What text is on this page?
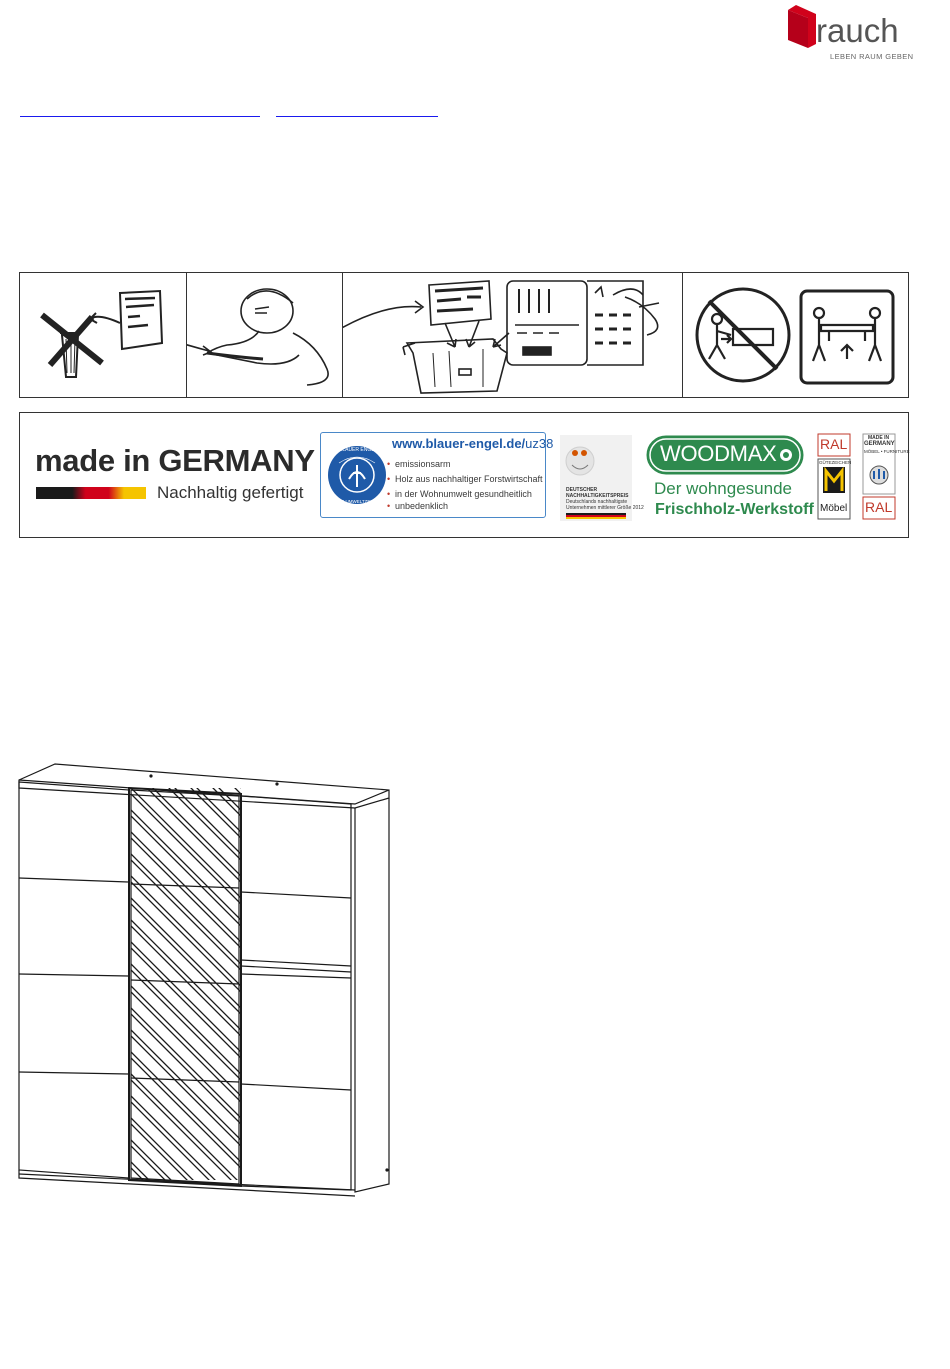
rauch
LEBEN RAUM GEBEN
made in GERMANY
Nachhaltig gefertigt
www.blauer-engel.de/uz38
BLAUER ENGEL
DAS UMWELTZEICHEN
• emissionsarm
• Holz aus nachhaltiger Forstwirtschaft
• in der Wohnumwelt gesundheitlich
• unbedenklich
DEUTSCHER
NACHHALTIGKEITSPREIS
Deutschlands nachhaltigste
Unternehmen mittlerer Größe 2012
WOODMAX
Der wohngesunde
Frischholz-Werkstoff
RAL
GÜTEZEICHEN
Möbel
MADE IN
GERMANY
MÖBEL • FURNITURE
RAL
